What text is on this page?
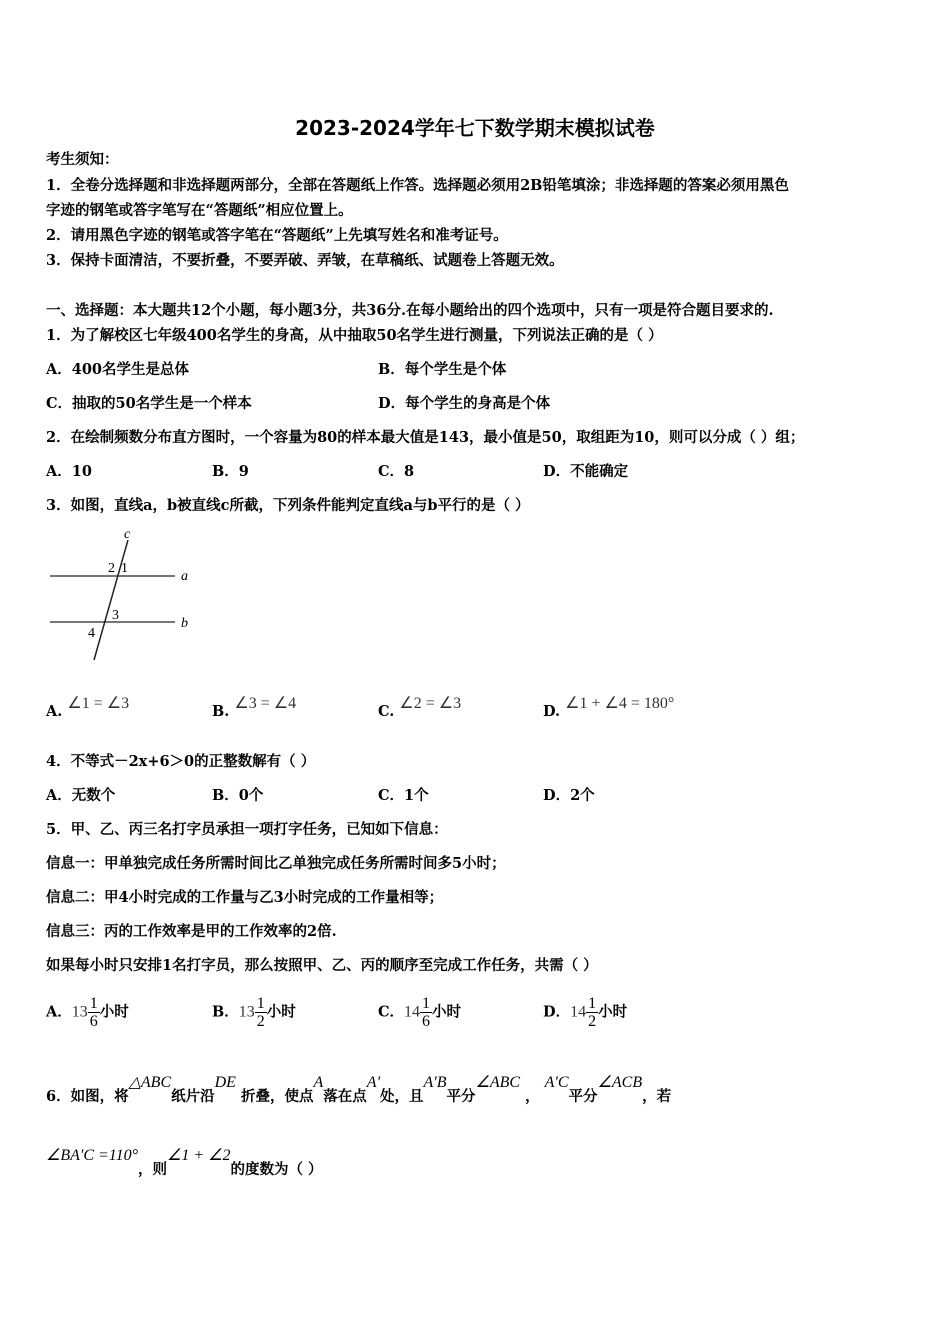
2023-2024学年七下数学期末模拟试卷
考生须知：
1．全卷分选择题和非选择题两部分，全部在答题纸上作答。选择题必须用2B铅笔填涂；非选择题的答案必须用黑色
字迹的钢笔或答字笔写在“答题纸”相应位置上。
2．请用黑色字迹的钢笔或答字笔在“答题纸”上先填写姓名和准考证号。
3．保持卡面清洁，不要折叠，不要弄破、弄皱，在草稿纸、试题卷上答题无效。
一、选择题：本大题共12个小题，每小题3分，共36分.在每小题给出的四个选项中，只有一项是符合题目要求的.
1．为了解校区七年级400名学生的身高，从中抽取50名学生进行测量，下列说法正确的是（ ）
A．400名学生是总体	B．每个学生是个体
C．抽取的50名学生是一个样本	D．每个学生的身高是个体
2．在绘制频数分布直方图时，一个容量为80的样本最大值是143，最小值是50，取组距为10，则可以分成（ ）组；
A．10	B．9	C．8	D．不能确定
3．如图，直线a，b被直线c所截，下列条件能判定直线a与b平行的是（ ）
c
a
b
1
2
3
4
A. ∠1 = ∠3	B. ∠3 = ∠4	C. ∠2 = ∠3	D. ∠1 + ∠4 = 180°
4．不等式－2x+6＞0的正整数解有（ ）
A．无数个	B．0个	C．1个	D．2个
5．甲、乙、丙三名打字员承担一项打字任务，已知如下信息：
信息一：甲单独完成任务所需时间比乙单独完成任务所需时间多5小时；
信息二：甲4小时完成的工作量与乙3小时完成的工作量相等；
信息三：丙的工作效率是甲的工作效率的2倍.
如果每小时只安排1名打字员，那么按照甲、乙、丙的顺序至完成工作任务，共需（ ）
A．$13 \frac{1}{6}$ 小时	B．$13 \frac{1}{2}$ 小时	C．$14 \frac{1}{6}$ 小时	D．$14 \frac{1}{2}$ 小时
6．如图，将△ABC纸片沿DE 折叠，使点A落在点A'处，且A'B平分∠ABC ， A'C平分∠ACB，若
∠BA'C =110°，则∠1 + ∠2的度数为（ ）
